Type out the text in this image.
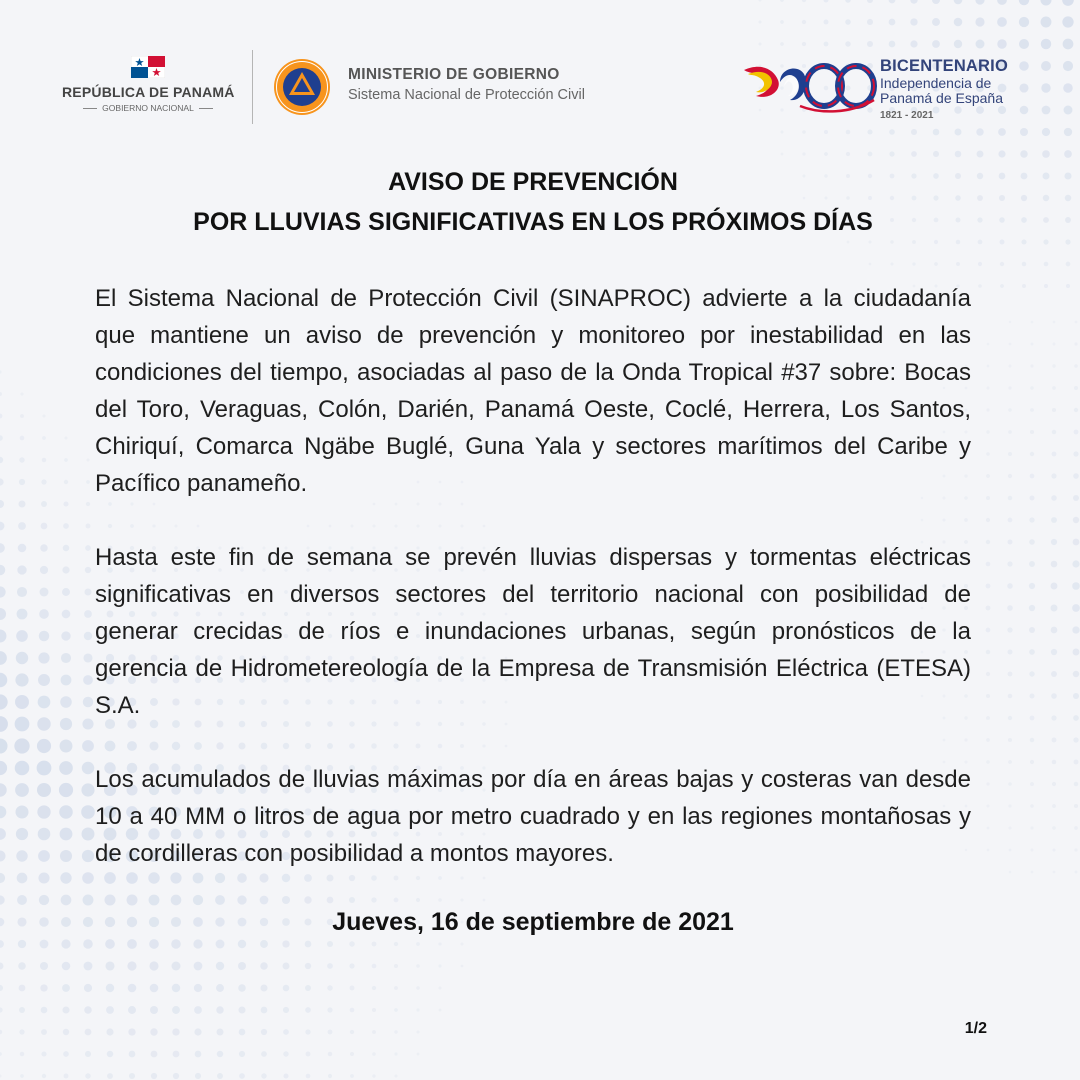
REPÚBLICA DE PANAMÁ
GOBIERNO NACIONAL
MINISTERIO DE GOBIERNO
Sistema Nacional de Protección Civil
BICENTENARIO
Independencia de
Panamá de España
1821 - 2021

AVISO DE PREVENCIÓN

POR LLUVIAS SIGNIFICATIVAS EN LOS PRÓXIMOS DÍAS

El Sistema Nacional de Protección Civil (SINAPROC) advierte a la ciudadanía que mantiene un aviso de prevención y monitoreo por inestabilidad en las condiciones del tiempo, asociadas al paso de la Onda Tropical #37 sobre: Bocas del Toro, Veraguas, Colón, Darién, Panamá Oeste, Coclé, Herrera, Los Santos, Chiriquí, Comarca Ngäbe Buglé, Guna Yala y sectores marítimos del Caribe y Pacífico panameño.

Hasta este fin de semana se prevén lluvias dispersas y tormentas eléctricas significativas en diversos sectores del territorio nacional con posibilidad de generar crecidas de ríos e inundaciones urbanas, según pronósticos de la gerencia de Hidrometereología de la Empresa de Transmisión Eléctrica (ETESA) S.A.

Los acumulados de lluvias máximas por día en áreas bajas y costeras van desde 10 a 40 MM o litros de agua por metro cuadrado y en las regiones montañosas y de cordilleras con posibilidad a montos mayores.

Jueves, 16 de septiembre de 2021
1/2
